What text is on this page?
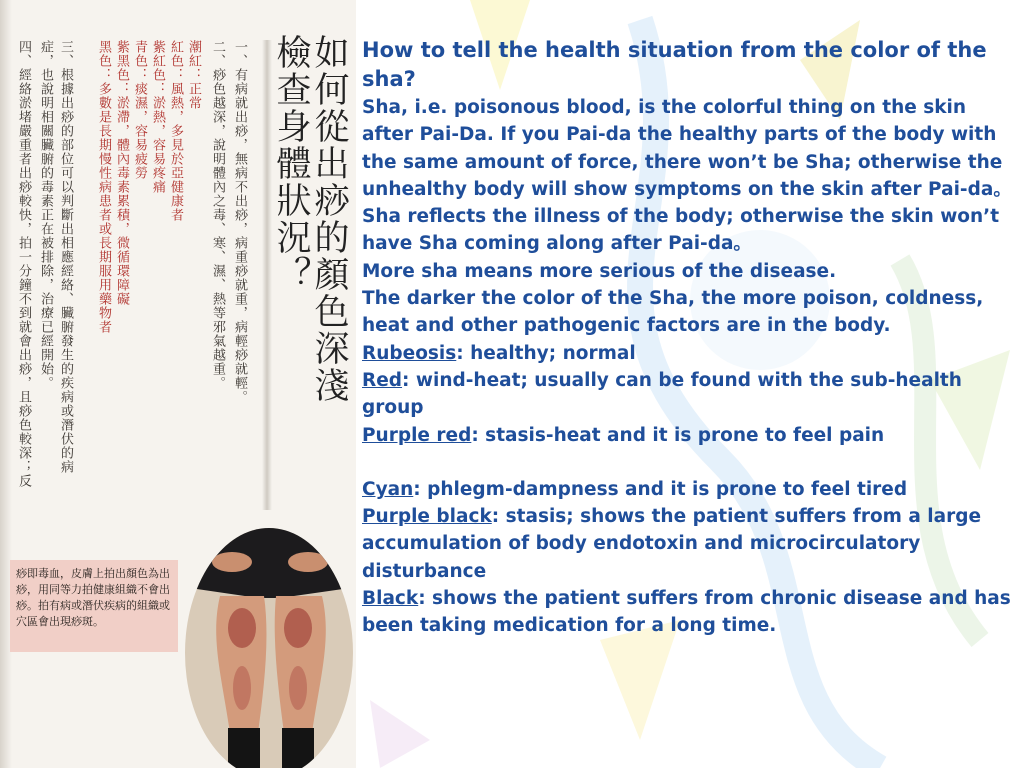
如何從出痧的顏色深淺
檢查身體狀況？
一、有病就出痧，無病不出痧，病重痧就重，病輕痧就輕。
二、痧色越深，說明體內之毒、寒、濕、熱等邪氣越重。
潮紅：正常
紅色：風熱，多見於亞健康者
紫紅色：淤熱，容易疼痛
青色：痰濕，容易疲勞
紫黑色：淤滯，體內毒素累積，微循環障礙
黑色：多數是長期慢性病患者或長期服用藥物者
三、根據出痧的部位可以判斷出相應經絡、臟腑發生的疾病或潛伏的病
症，也說明相關臟腑的毒素正在被排除，治療已經開始。
四、經絡淤堵嚴重者出痧較快，拍一分鐘不到就會出痧，且痧色較深；反

痧即毒血，皮膚上拍出顏色為出痧，用同等力拍健康組織不會出痧。拍有病或潛伏疾病的組織或穴區會出現痧斑。

How to tell the health situation from the color of the sha?

Sha, i.e. poisonous blood, is the colorful thing on the skin after Pai-Da. If you Pai-da the healthy parts of the body with the same amount of force, there won’t be Sha; otherwise the unhealthy body will show symptoms on the skin after Pai-da。

Sha reflects the illness of the body; otherwise the skin won’t have Sha coming along after Pai-da。

More sha means more serious of the disease.

The darker the color of the Sha, the more poison, coldness, heat and other pathogenic factors are in the body.

Rubeosis: healthy; normal

Red: wind-heat; usually can be found with the sub-health group

Purple red: stasis-heat and it is prone to feel pain

Cyan: phlegm-dampness and it is prone to feel tired

Purple black: stasis; shows the patient suffers from a large accumulation of body endotoxin and microcirculatory disturbance

Black: shows the patient suffers from chronic disease and has been taking medication for a long time.
